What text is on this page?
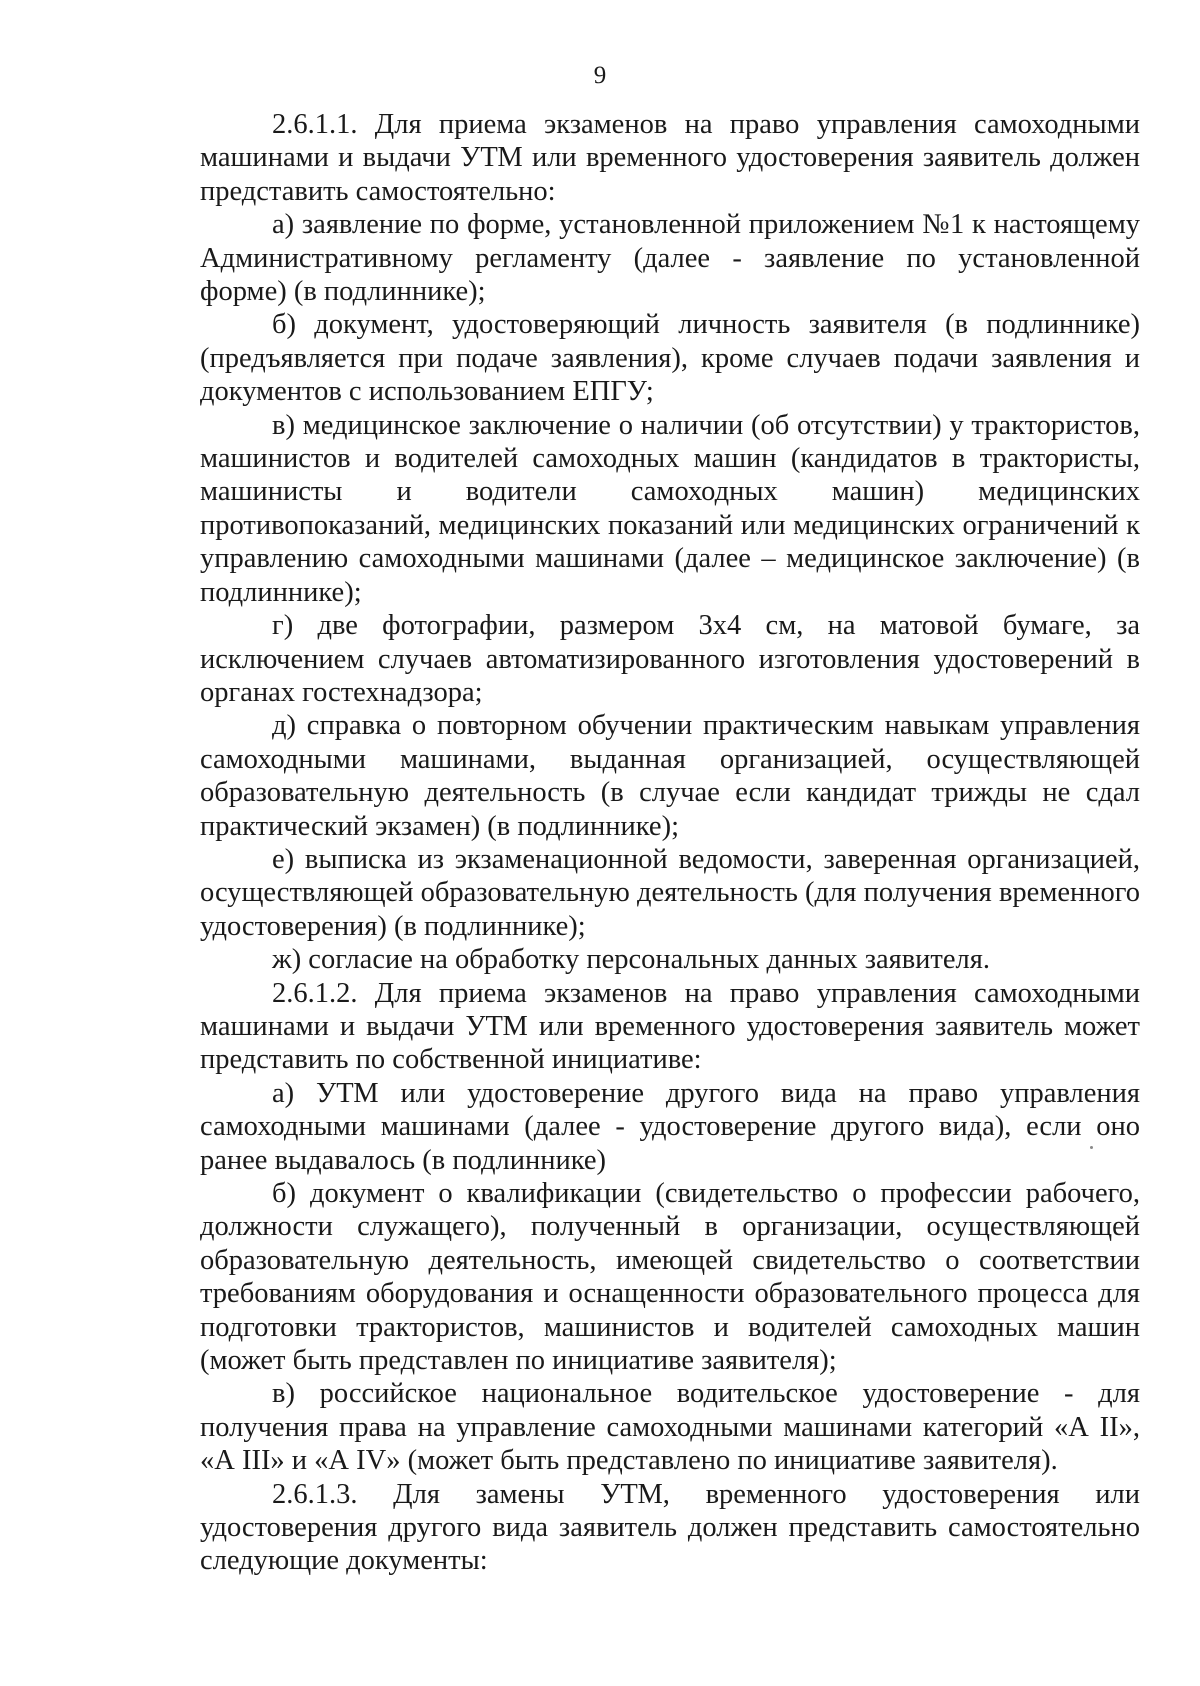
9

2.6.1.1. Для приема экзаменов на право управления самоходными машинами и выдачи УТМ или временного удостоверения заявитель должен представить самостоятельно:

а) заявление по форме, установленной приложением №1 к настоящему Административному регламенту (далее - заявление по установленной форме) (в подлиннике);

б) документ, удостоверяющий личность заявителя (в подлиннике) (предъявляется при подаче заявления), кроме случаев подачи заявления и документов с использованием ЕПГУ;

в) медицинское заключение о наличии (об отсутствии) у трактористов, машинистов и водителей самоходных машин (кандидатов в трактористы, машинисты и водители самоходных машин) медицинских противопоказаний, медицинских показаний или медицинских ограничений к управлению самоходными машинами (далее – медицинское заключение) (в подлиннике);

г) две фотографии, размером 3х4 см, на матовой бумаге, за исключением случаев автоматизированного изготовления удостоверений в органах гостехнадзора;

д) справка о повторном обучении практическим навыкам управления самоходными машинами, выданная организацией, осуществляющей образовательную деятельность (в случае если кандидат трижды не сдал практический экзамен) (в подлиннике);

е) выписка из экзаменационной ведомости, заверенная организацией, осуществляющей образовательную деятельность (для получения временного удостоверения) (в подлиннике);

ж) согласие на обработку персональных данных заявителя.

2.6.1.2. Для приема экзаменов на право управления самоходными машинами и выдачи УТМ или временного удостоверения заявитель может представить по собственной инициативе:

а) УТМ или удостоверение другого вида на право управления самоходными машинами (далее - удостоверение другого вида), если оно ранее выдавалось (в подлиннике)

б) документ о квалификации (свидетельство о профессии рабочего, должности служащего), полученный в организации, осуществляющей образовательную деятельность, имеющей свидетельство о соответствии требованиям оборудования и оснащенности образовательного процесса для подготовки трактористов, машинистов и водителей самоходных машин (может быть представлен по инициативе заявителя);

в) российское национальное водительское удостоверение - для получения права на управление самоходными машинами категорий «А II», «А III» и «А IV» (может быть представлено по инициативе заявителя).

2.6.1.3. Для замены УТМ, временного удостоверения или удостоверения другого вида заявитель должен представить самостоятельно следующие документы:
